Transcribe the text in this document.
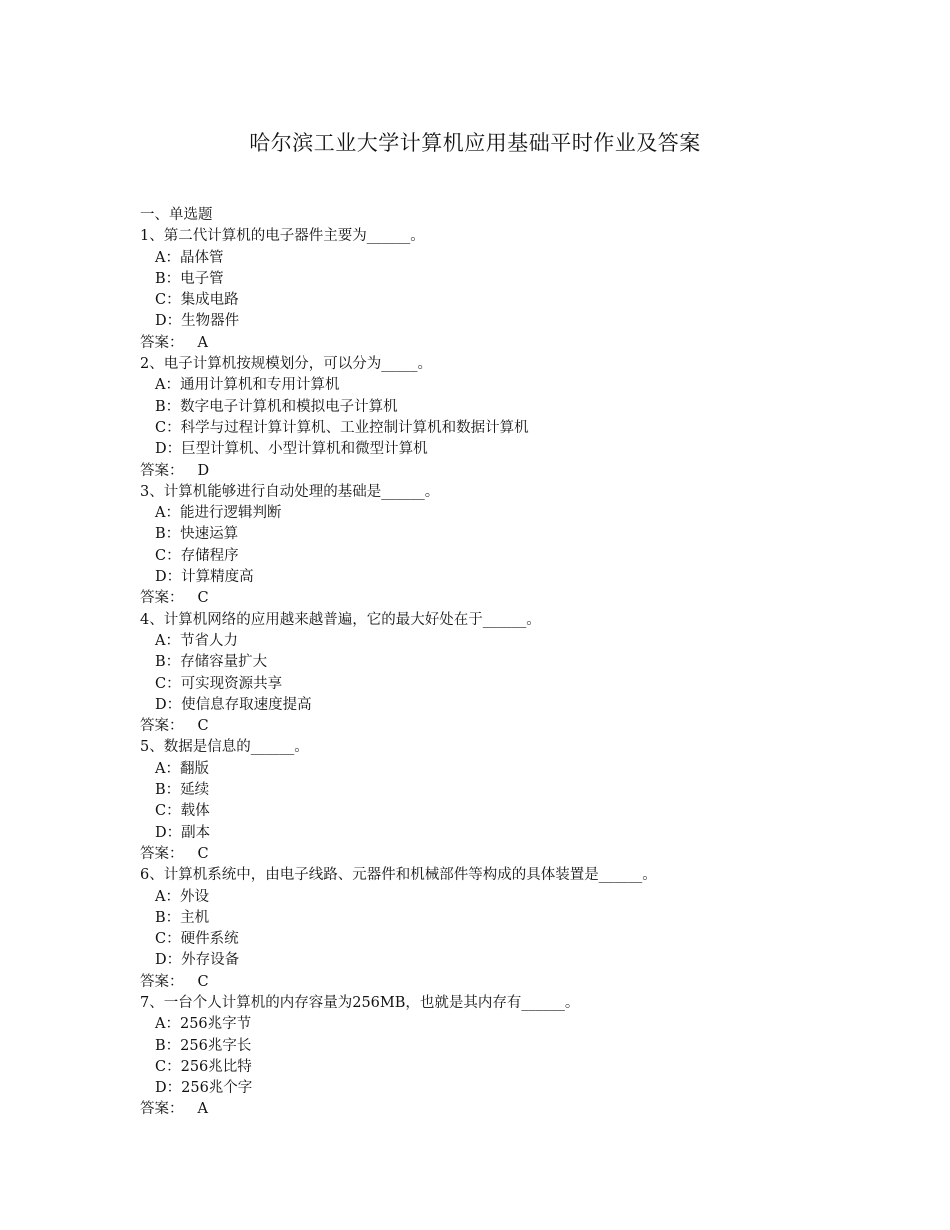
哈尔滨工业大学计算机应用基础平时作业及答案
一、单选题
1、第二代计算机的电子器件主要为______。
A：晶体管
B：电子管
C：集成电路
D：生物器件
答案： A
2、电子计算机按规模划分，可以分为_____。
A：通用计算机和专用计算机
B：数字电子计算机和模拟电子计算机
C：科学与过程计算计算机、工业控制计算机和数据计算机
D：巨型计算机、小型计算机和微型计算机
答案： D
3、计算机能够进行自动处理的基础是______。
A：能进行逻辑判断
B：快速运算
C：存储程序
D：计算精度高
答案： C
4、计算机网络的应用越来越普遍，它的最大好处在于______。
A：节省人力
B：存储容量扩大
C：可实现资源共享
D：使信息存取速度提高
答案： C
5、数据是信息的______。
A：翻版
B：延续
C：载体
D：副本
答案： C
6、计算机系统中，由电子线路、元器件和机械部件等构成的具体装置是______。
A：外设
B：主机
C：硬件系统
D：外存设备
答案： C
7、一台个人计算机的内存容量为256MB，也就是其内存有______。
A：256兆字节
B：256兆字长
C：256兆比特
D：256兆个字
答案： A
